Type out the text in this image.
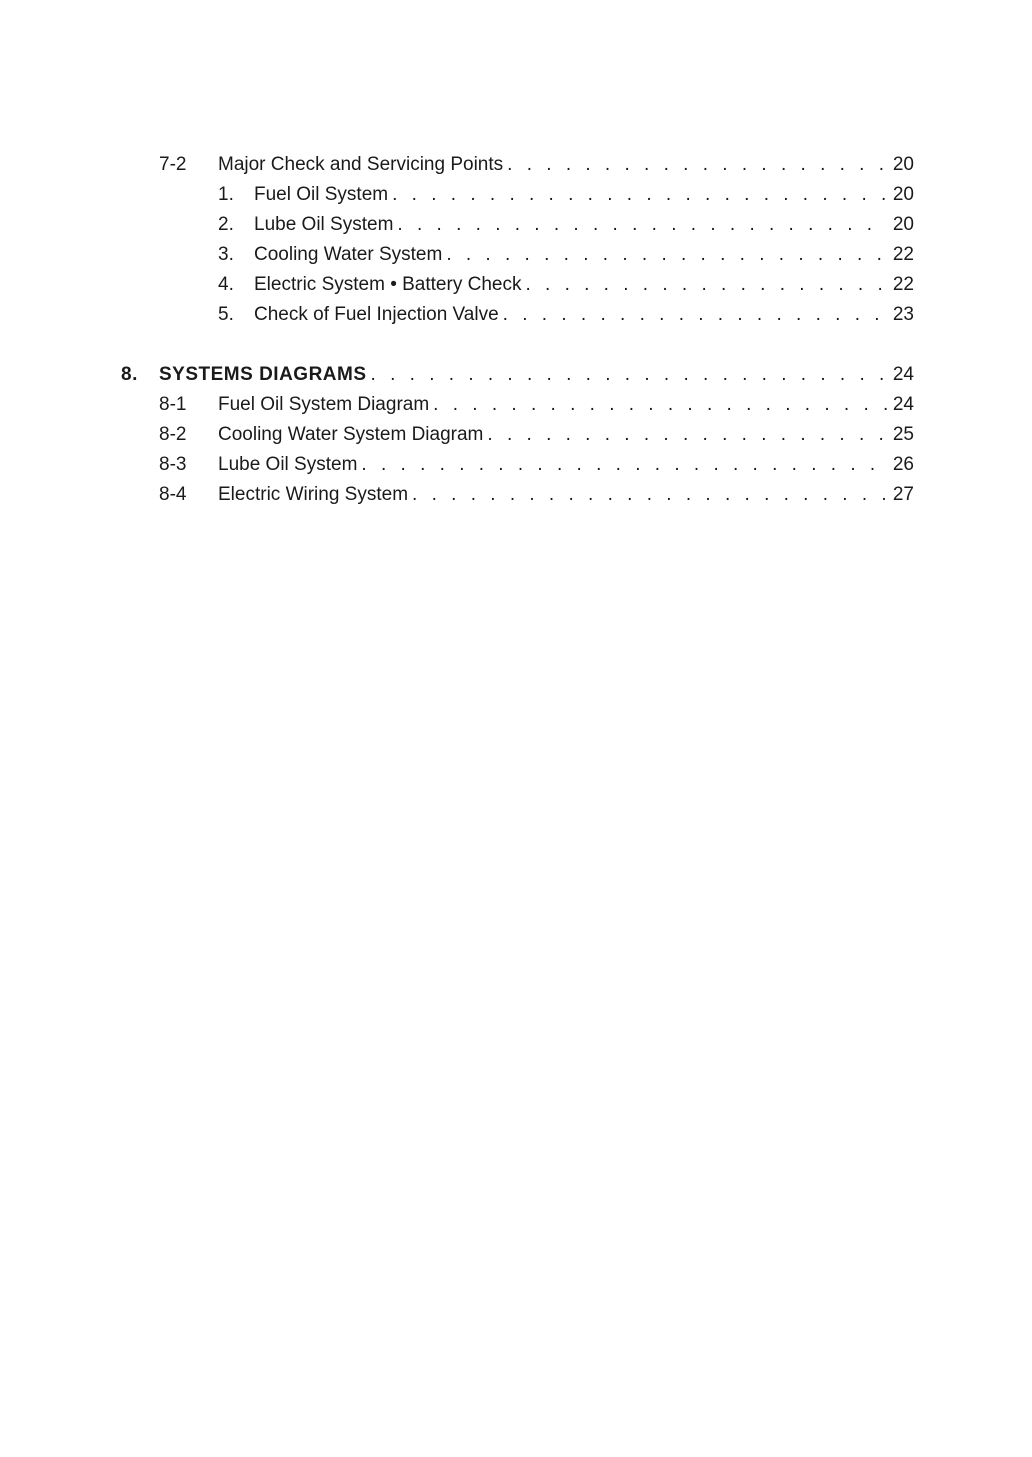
7-2 Major Check and Servicing Points . . .	20
1. Fuel Oil System . . .	20
2. Lube Oil System . . .	20
3. Cooling Water System . . .	22
4. Electric System • Battery Check . . .	22
5. Check of Fuel Injection Valve . . .	23
8. SYSTEMS DIAGRAMS . . .	24
8-1 Fuel Oil System Diagram . . .	24
8-2 Cooling Water System Diagram . . .	25
8-3 Lube Oil System . . .	26
8-4 Electric Wiring System . . .	27
